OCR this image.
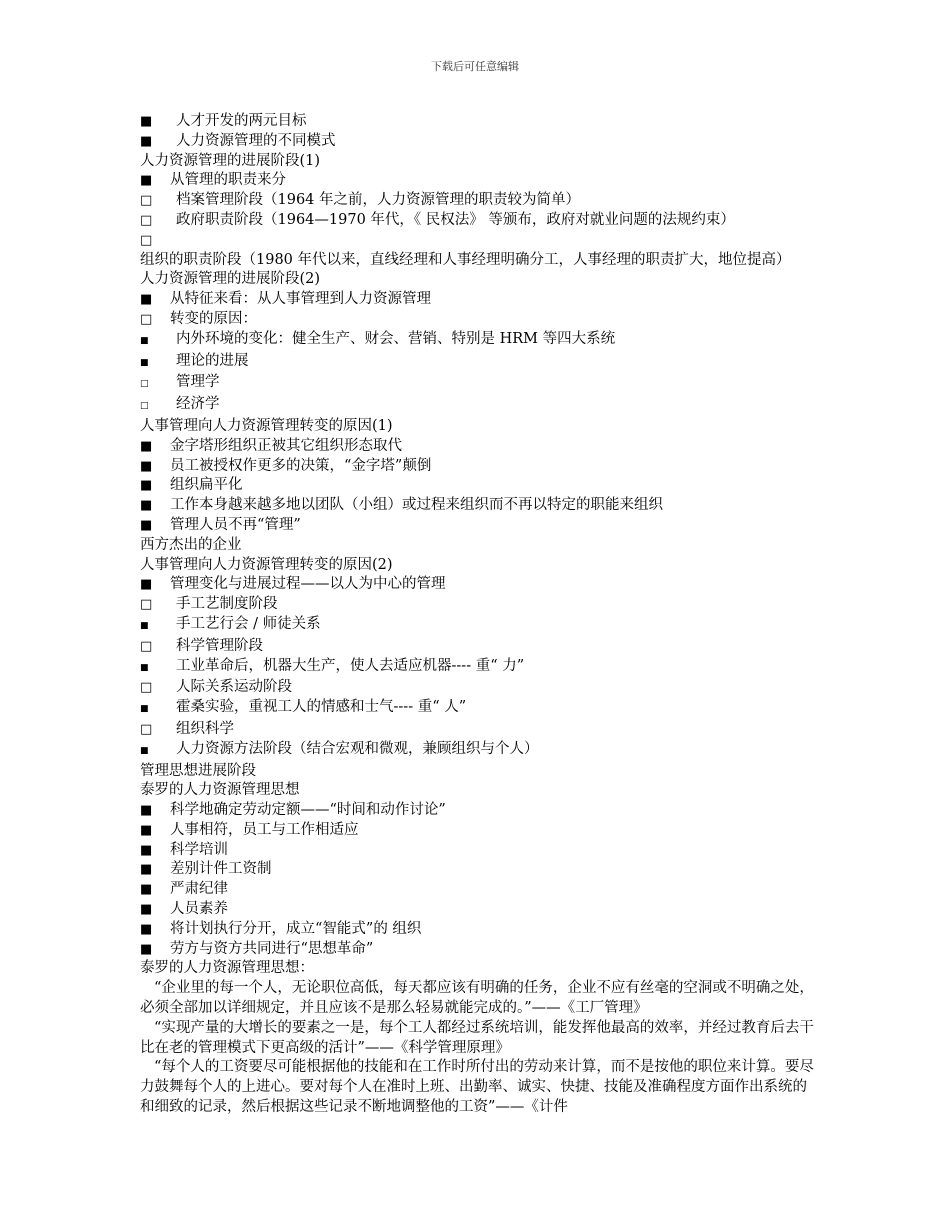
下载后可任意编辑
■ 人才开发的两元目标
■ 人力资源管理的不同模式
人力资源管理的进展阶段(1)
■ 从管理的职责来分
□ 档案管理阶段（1964 年之前，人力资源管理的职责较为简单）
□ 政府职责阶段（1964—1970 年代，《 民权法》 等颁布，政府对就业问题的法规约束）
□组织的职责阶段（1980 年代以来，直线经理和人事经理明确分工，人事经理的职责扩大，地位提高）
人力资源管理的进展阶段(2)
■ 从特征来看：从人事管理到人力资源管理
□ 转变的原因：
■ 内外环境的变化：健全生产、财会、营销、特别是 HRM 等四大系统
■ 理论的进展
□ 管理学
□ 经济学
人事管理向人力资源管理转变的原因(1)
■ 金字塔形组织正被其它组织形态取代
■ 员工被授权作更多的决策，“金字塔”颠倒
■ 组织扁平化
■ 工作本身越来越多地以团队（小组）或过程来组织而不再以特定的职能来组织
■ 管理人员不再“管理”
西方杰出的企业
人事管理向人力资源管理转变的原因(2)
■ 管理变化与进展过程——以人为中心的管理
□ 手工艺制度阶段
■ 手工艺行会 / 师徒关系
□ 科学管理阶段
■ 工业革命后，机器大生产，使人去适应机器---- 重“ 力”
□ 人际关系运动阶段
■ 霍桑实验，重视工人的情感和士气---- 重“ 人”
□ 组织科学
■ 人力资源方法阶段（结合宏观和微观，兼顾组织与个人）
管理思想进展阶段
泰罗的人力资源管理思想
■ 科学地确定劳动定额——“时间和动作讨论”
■ 人事相符，员工与工作相适应
■ 科学培训
■ 差别计件工资制
■ 严肃纪律
■ 人员素养
■ 将计划执行分开，成立“智能式”的 组织
■ 劳方与资方共同进行“思想革命”
泰罗的人力资源管理思想：
“企业里的每一个人，无论职位高低，每天都应该有明确的任务，企业不应有丝毫的空洞或不明确之处，必须全部加以详细规定，并且应该不是那么轻易就能完成的。”——《工厂管理》
“实现产量的大增长的要素之一是，每个工人都经过系统培训，能发挥他最高的效率，并经过教育后去干比在老的管理模式下更高级的活计”——《科学管理原理》
“每个人的工资要尽可能根据他的技能和在工作时所付出的劳动来计算，而不是按他的职位来计算。要尽力鼓舞每个人的上进心。要对每个人在准时上班、出勤率、诚实、快捷、技能及准确程度方面作出系统的和细致的记录，然后根据这些记录不断地调整他的工资”——《计件
